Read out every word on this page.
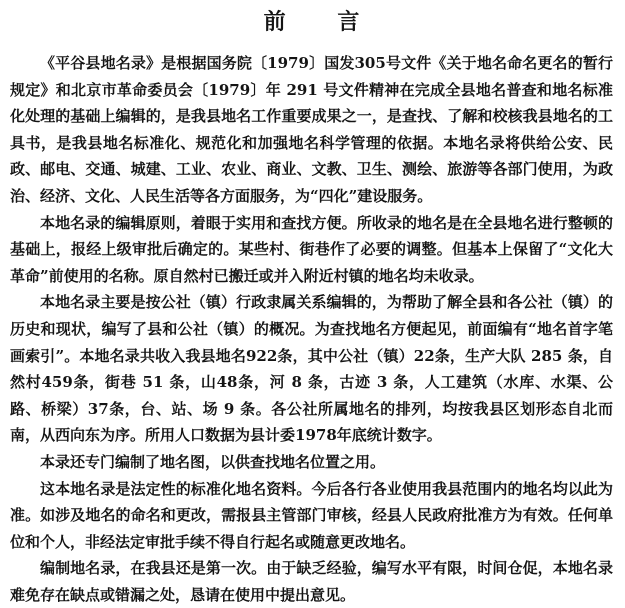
前 言

《平谷县地名录》是根据国务院〔1979〕国发305号文件《关于地名命名更名的暂行规定》和北京市革命委员会〔1979〕年 291 号文件精神在完成全县地名普查和地名标准化处理的基础上编辑的，是我县地名工作重要成果之一，是查找、了解和校核我县地名的工具书，是我县地名标准化、规范化和加强地名科学管理的依据。本地名录将供给公安、民政、邮电、交通、城建、工业、农业、商业、文教、卫生、测绘、旅游等各部门使用，为政治、经济、文化、人民生活等各方面服务，为“四化”建设服务。

本地名录的编辑原则，着眼于实用和查找方便。所收录的地名是在全县地名进行整顿的基础上，报经上级审批后确定的。某些村、街巷作了必要的调整。但基本上保留了“文化大革命”前使用的名称。原自然村已搬迁或并入附近村镇的地名均未收录。

本地名录主要是按公社（镇）行政隶属关系编辑的，为帮助了解全县和各公社（镇）的历史和现状，编写了县和公社（镇）的概况。为查找地名方便起见，前面编有“地名首字笔画索引”。本地名录共收入我县地名922条，其中公社（镇）22条，生产大队 285 条，自然村459条，街巷 51 条，山48条，河 8 条，古迹 3 条，人工建筑（水库、水渠、公路、桥梁）37条，台、站、场 9 条。各公社所属地名的排列，均按我县区划形态自北而南，从西向东为序。所用人口数据为县计委1978年底统计数字。

本录还专门编制了地名图，以供查找地名位置之用。

这本地名录是法定性的标准化地名资料。今后各行各业使用我县范围内的地名均以此为准。如涉及地名的命名和更改，需报县主管部门审核，经县人民政府批准方为有效。任何单位和个人，非经法定审批手续不得自行起名或随意更改地名。

编制地名录，在我县还是第一次。由于缺乏经验，编写水平有限，时间仓促，本地名录难免存在缺点或错漏之处，恳请在使用中提出意见。
